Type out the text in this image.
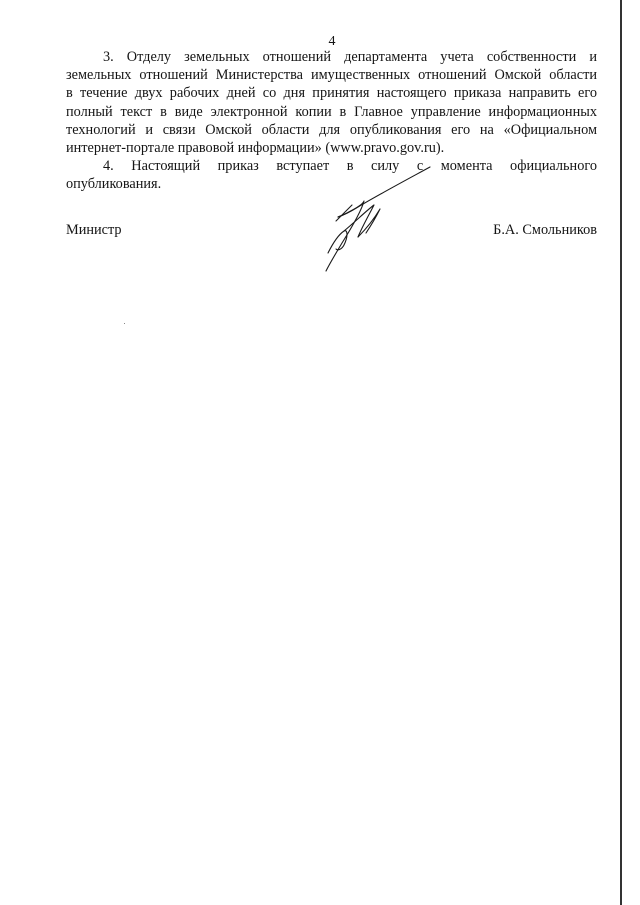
4
3. Отделу земельных отношений департамента учета собственности и
земельных отношений Министерства имущественных отношений Омской области
в течение двух рабочих дней со дня принятия настоящего приказа направить его
полный текст в виде электронной копии в Главное управление информационных
технологий и связи Омской области для опубликования его на «Официальном
интернет-портале правовой информации» (www.pravo.gov.ru).
4. Настоящий приказ вступает в силу с момента официального
опубликования.
Министр	Б.А. Смольников
